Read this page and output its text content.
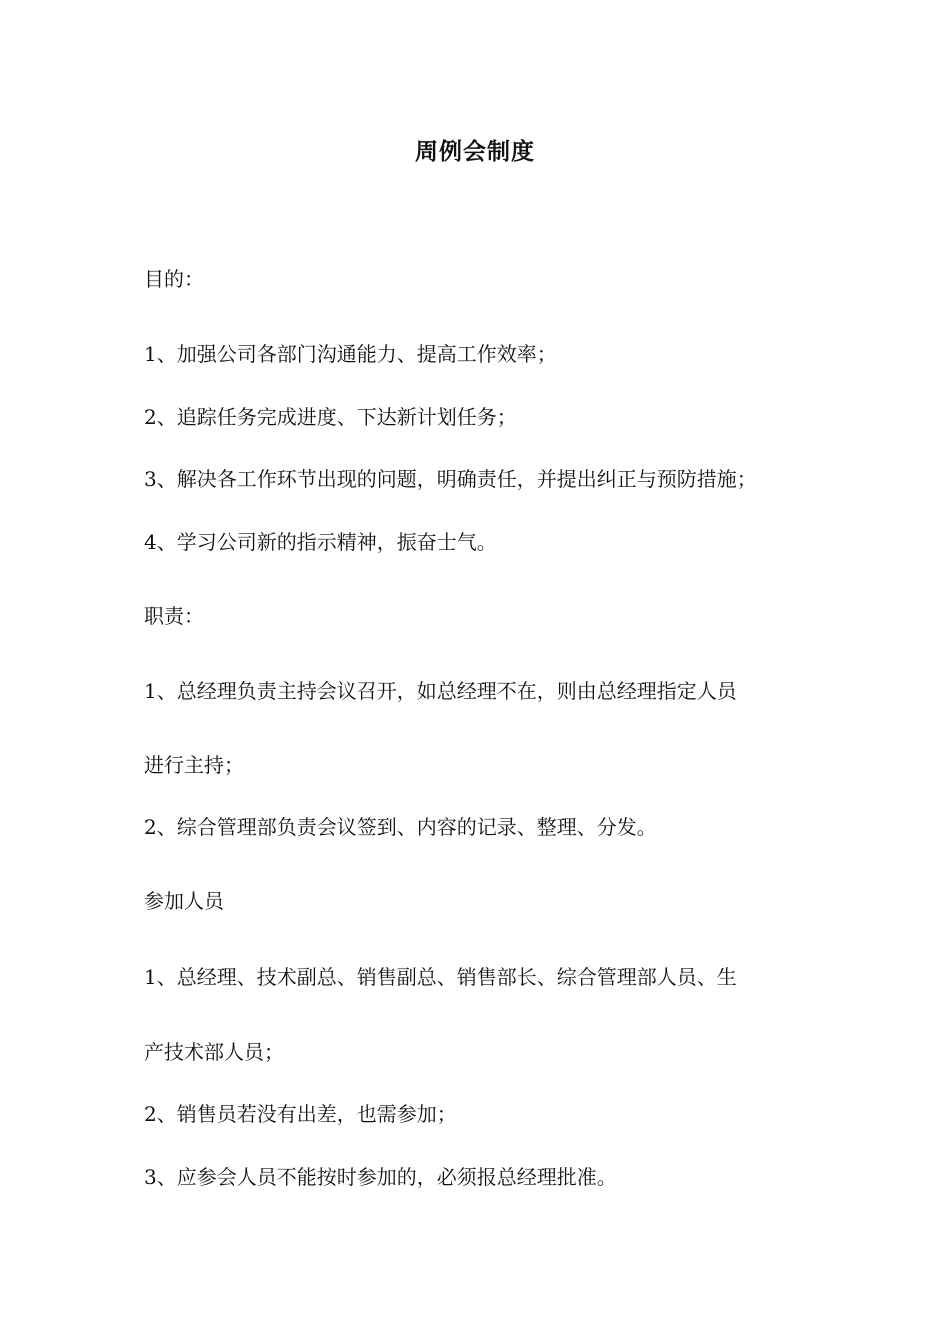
周例会制度

目的：

1、加强公司各部门沟通能力、提高工作效率；

2、追踪任务完成进度、下达新计划任务；

3、解决各工作环节出现的问题，明确责任，并提出纠正与预防措施；

4、学习公司新的指示精神，振奋士气。

职责：

1、总经理负责主持会议召开，如总经理不在，则由总经理指定人员

进行主持；

2、综合管理部负责会议签到、内容的记录、整理、分发。

参加人员

1、总经理、技术副总、销售副总、销售部长、综合管理部人员、生

产技术部人员；

2、销售员若没有出差，也需参加；

3、应参会人员不能按时参加的，必须报总经理批准。
